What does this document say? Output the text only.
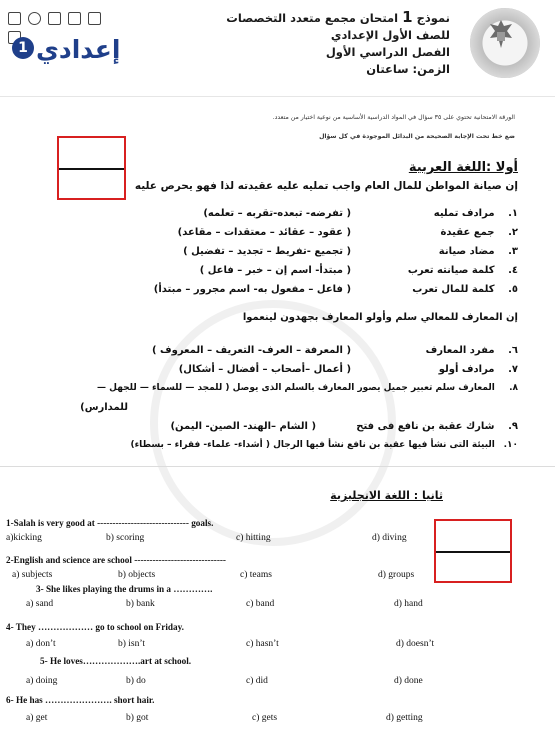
نموذج 1 امتحان مجمع متعدد التخصصات
للصف الأول الإعدادي
الفصل الدراسي الأول
الزمن: ساعتان

إعدادي
1
الورقة الامتحانية تحتوي على ٣٥ سؤال في المواد الدراسية الأساسية من نوعية اختيار من متعدد.
ضع خط تحت الإجابة الصحيحة من البدائل الموجودة في كل سؤال
أولا :اللغة العربية
إن صيانة المواطن للمال العام واجب تمليه عليه عقيدته لذا فهو يحرص عليه
١. مرادف تمليه ( تفرضه- تبعده-تقربه – تعلمه)
٢. جمع عقيدة ( عقود – عقائد – معتقدات – مقاعد)
٣. مضاد صيانة ( تجميع -تفريط – تجديد – تفضيل )
٤. كلمة صيانته تعرب ( مبتدأ- اسم إن – خبر – فاعل )
٥. كلمة للمال تعرب ( فاعل – مفعول به- اسم مجرور – مبتدأ)
إن المعارف للمعالي سلم وأولو المعارف بجهدون لينعموا
٦. مفرد المعارف ( المعرفة – العرف- التعريف – المعروف )
٧. مرادف أولو ( أعمال –أصحاب – أفضال – أشكال)
٨. المعارف سلم تعبير جميل يصور المعارف بالسلم الذى يوصل ( للمجد — للسماء — للجهل —
للمدارس)
٩. شارك عقبة بن نافع فى فتح ( الشام –الهند- الصين- اليمن)
١٠. البيئة التى نشأ فيها عقبة بن نافع نشأ فيها الرجال ( أشداء- علماء- فقراء – بسطاء)
ثانيا : اللغة الانجليزية
1-Salah is very good at ------------------------------ goals.
a)kicking	b) scoring	c) hitting	d) diving
2-English and science are school ------------------------------
a) subjects	b) objects	c) teams	d) groups
3- She likes playing the drums in a ………….
a) sand	b) bank	c) band	d) hand
4- They ……………… go to school on Friday.
a) don’t	b) isn’t	c) hasn’t	d) doesn’t
5- He loves……………….art at school.
a) doing	b) do	c) did	d) done
6- He has …………………. short hair.
a) get	b) got	c) gets	d) getting
